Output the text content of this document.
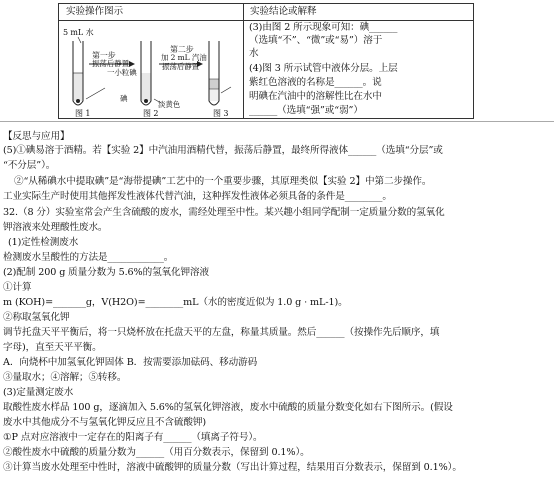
实验操作图示	实验结论或解释
5 mL 水
一小粒碘
第一步
振荡后静置
第二步
加 2 mL 汽油
振荡后静置
碘
淡黄色
图 1	图 2	图 3
(3)由图 2 所示现象可知：碘______
（选填“不”、“微”或“易”）溶于
水
(4)图 3 所示试管中液体分层。上层
紫红色溶液的名称是______。说
明碘在汽油中的溶解性比在水中
______（选填“强”或“弱”）
【反思与应用】
(5)①碘易溶于酒精。若【实验 2】中汽油用酒精代替，振荡后静置，最终所得液体______（选填“分层”或
“不分层”）。
②“从稀碘水中提取碘”是“海带提碘”工艺中的一个重要步骤，其原理类似【实验 2】中第二步操作。
工业实际生产时使用其他挥发性液体代替汽油，这种挥发性液体必须具备的条件是________。
32.（8 分）实验室常会产生含硫酸的废水，需经处理至中性。某兴趣小组同学配制一定质量分数的氢氧化
钾溶液来处理酸性废水。
(1)定性检测废水
检测废水呈酸性的方法是____________。
(2)配制 200 g 质量分数为 5.6%的氢氧化钾溶液
①计算
m (KOH)=_______g，V(H2O)=________mL（水的密度近似为 1.0 g · mL-1)。
②称取氢氧化钾
调节托盘天平平衡后，将一只烧杯放在托盘天平的左盘，称量其质量。然后______（按操作先后顺序，填
字母)，直至天平平衡。
A．向烧杯中加氢氧化钾固体 B．按需要添加砝码、移动游码
③量取水；④溶解；⑤转移。
(3)定量测定废水
取酸性废水样品 100 g，逐滴加入 5.6%的氢氧化钾溶液，废水中硫酸的质量分数变化如右下图所示。(假设
废水中其他成分不与氢氧化钾反应且不含硫酸钾)
①P 点对应溶液中一定存在的阳离子有______（填离子符号）。
②酸性废水中硫酸的质量分数为______（用百分数表示，保留到 0.1%）。
③计算当废水处理至中性时，溶液中硫酸钾的质量分数（写出计算过程，结果用百分数表示，保留到 0.1%）。
